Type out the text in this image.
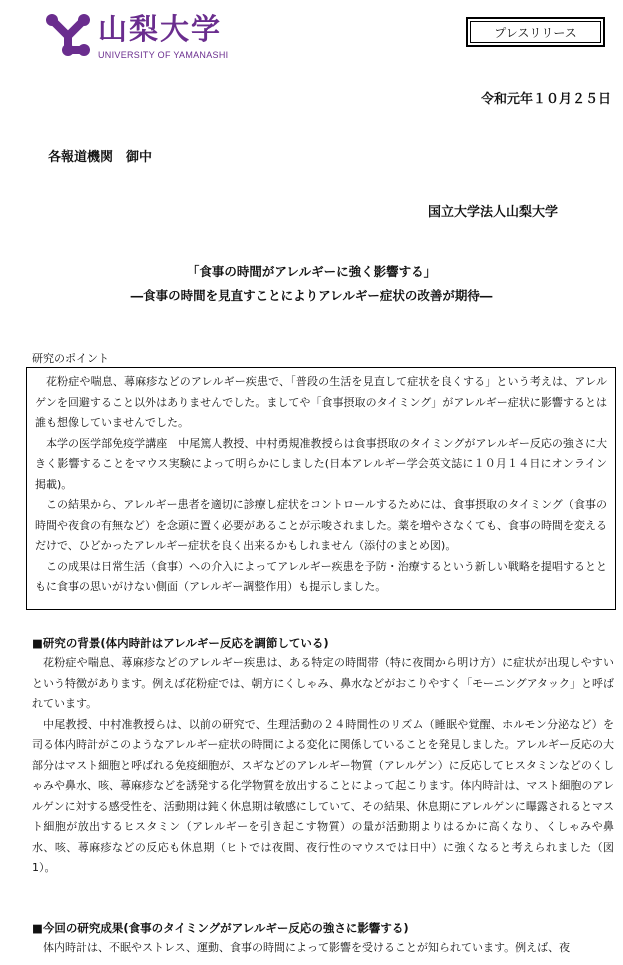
山梨大学
UNIVERSITY OF YAMANASHI
プレスリリース
令和元年１０月２５日
各報道機関　御中
国立大学法人山梨大学
「食事の時間がアレルギーに強く影響する」
―食事の時間を見直すことによりアレルギー症状の改善が期待―
研究のポイント

花粉症や喘息、蕁麻疹などのアレルギー疾患で、「普段の生活を見直して症状を良くする」という考えは、アレルゲンを回避すること以外はありませんでした。ましてや「食事摂取のタイミング」がアレルギー症状に影響するとは誰も想像していませんでした。

本学の医学部免疫学講座　中尾篤人教授、中村勇規准教授らは食事摂取のタイミングがアレルギー反応の強さに大きく影響することをマウス実験によって明らかにしました(日本アレルギー学会英文誌に１０月１４日にオンライン掲載)。

この結果から、アレルギー患者を適切に診療し症状をコントロールするためには、食事摂取のタイミング（食事の時間や夜食の有無など）を念頭に置く必要があることが示唆されました。薬を増やさなくても、食事の時間を変えるだけで、ひどかったアレルギー症状を良く出来るかもしれません（添付のまとめ図)。

この成果は日常生活（食事）への介入によってアレルギー疾患を予防・治療するという新しい戦略を提唱するとともに食事の思いがけない側面（アレルギー調整作用）も提示しました。

■研究の背景(体内時計はアレルギー反応を調節している)

花粉症や喘息、蕁麻疹などのアレルギー疾患は、ある特定の時間帯（特に夜間から明け方）に症状が出現しやすいという特徴があります。例えば花粉症では、朝方にくしゃみ、鼻水などがおこりやすく「モーニングアタック」と呼ばれています。

中尾教授、中村准教授らは、以前の研究で、生理活動の２４時間性のリズム（睡眠や覚醒、ホルモン分泌など）を司る体内時計がこのようなアレルギー症状の時間による変化に関係していることを発見しました。アレルギー反応の大部分はマスト細胞と呼ばれる免疫細胞が、スギなどのアレルギー物質（アレルゲン）に反応してヒスタミンなどのくしゃみや鼻水、咳、蕁麻疹などを誘発する化学物質を放出することによって起こります。体内時計は、マスト細胞のアレルゲンに対する感受性を、活動期は鈍く休息期は敏感にしていて、その結果、休息期にアレルゲンに曝露されるとマスト細胞が放出するヒスタミン（アレルギーを引き起こす物質）の量が活動期よりはるかに高くなり、くしゃみや鼻水、咳、蕁麻疹などの反応も休息期（ヒトでは夜間、夜行性のマウスでは日中）に強くなると考えられました（図1）。

■今回の研究成果(食事のタイミングがアレルギー反応の強さに影響する)

体内時計は、不眠やストレス、運動、食事の時間によって影響を受けることが知られています。例えば、夜
